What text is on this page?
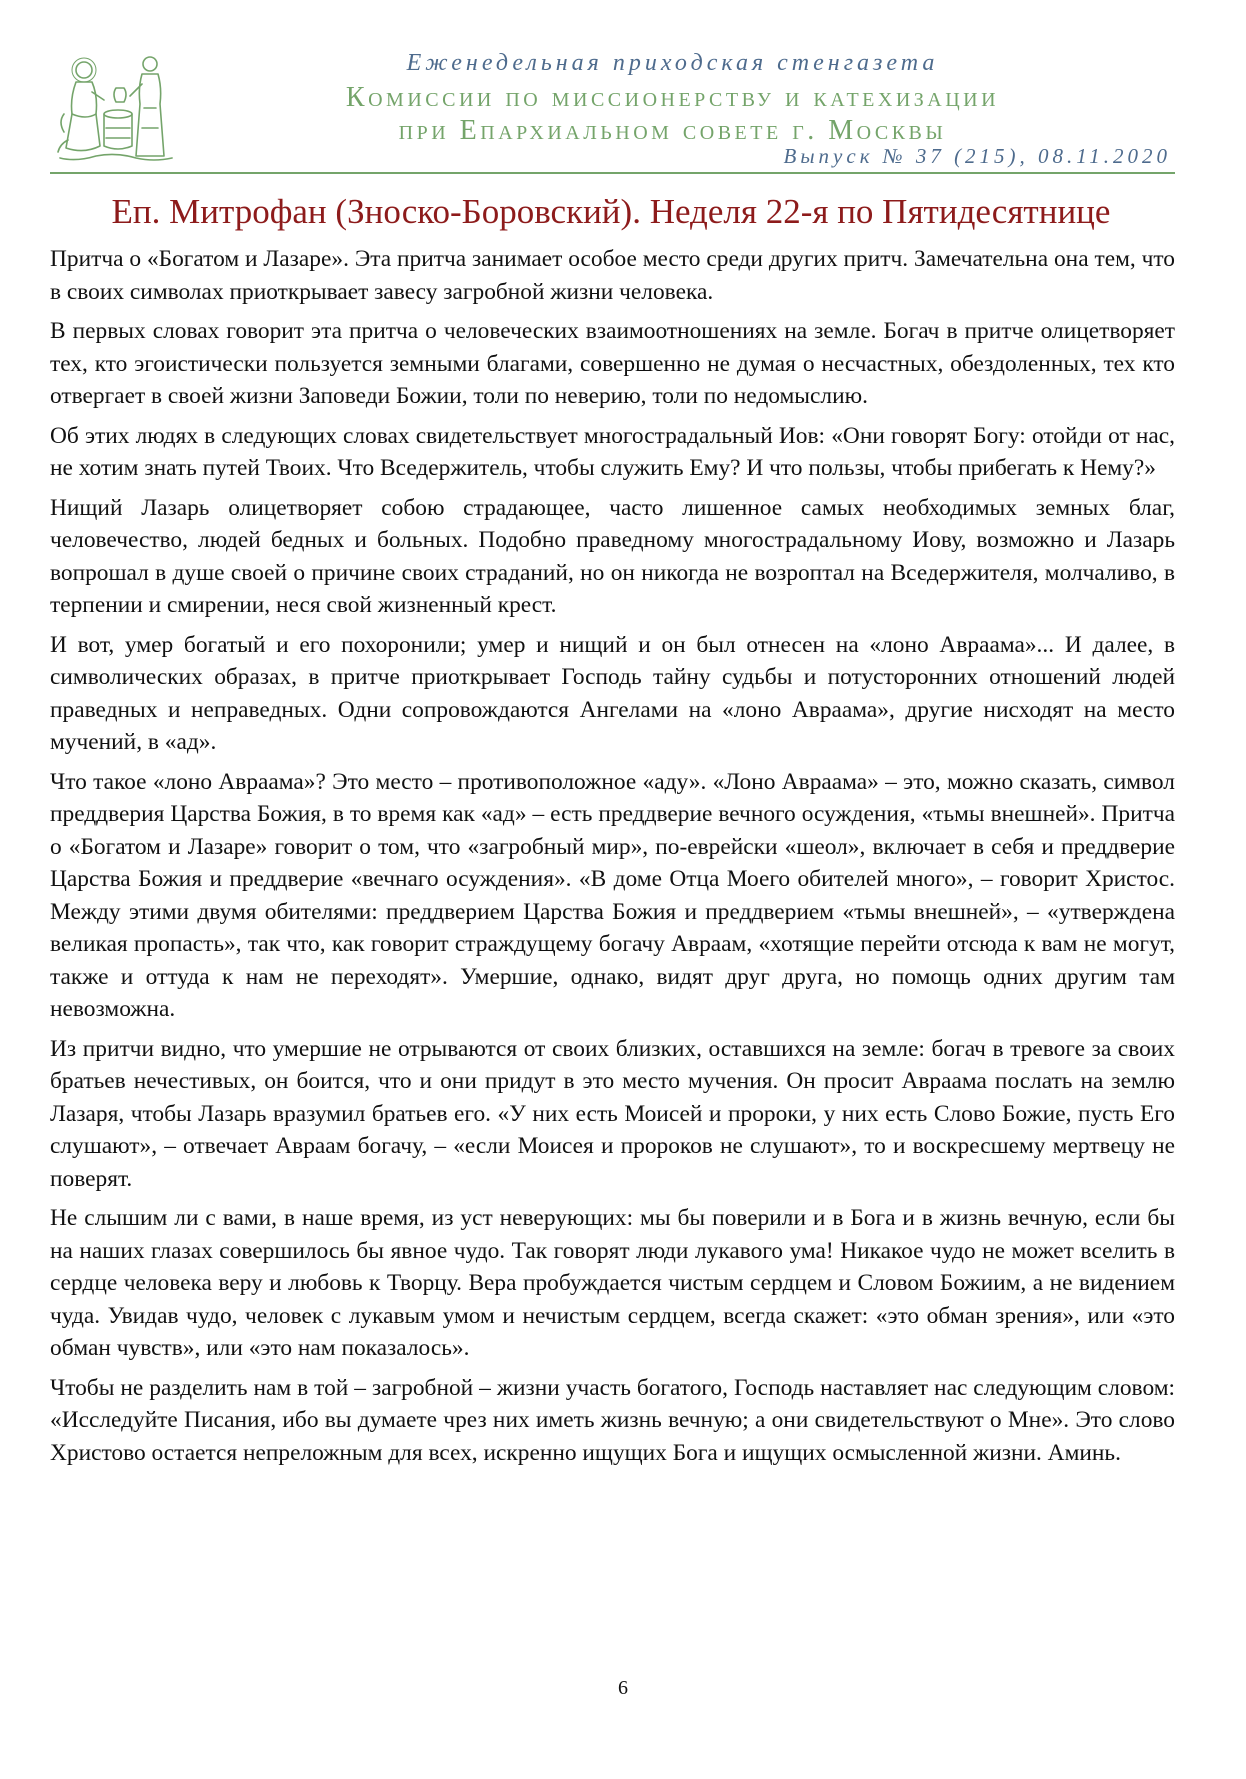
Еженедельная приходская стенгазета
Комиссии по миссионерству и катехизации
при Епархиальном совете г. Москвы
Выпуск № 37 (215), 08.11.2020
Еп. Митрофан (Зноско-Боровский). Неделя 22-я по Пятидесятнице

Притча о «Богатом и Лазаре». Эта притча занимает особое место среди других притч. Замечательна она тем, что в своих символах приоткрывает завесу загробной жизни человека.

В первых словах говорит эта притча о человеческих взаимоотношениях на земле. Богач в притче олицетворяет тех, кто эгоистически пользуется земными благами, совершенно не думая о несчастных, обездоленных, тех кто отвергает в своей жизни Заповеди Божии, толи по неверию, толи по недомыслию.

Об этих людях в следующих словах свидетельствует многострадальный Иов: «Они говорят Богу: отойди от нас, не хотим знать путей Твоих. Что Вседержитель, чтобы служить Ему? И что пользы, чтобы прибегать к Нему?»

Нищий Лазарь олицетворяет собою страдающее, часто лишенное самых необходимых земных благ, человечество, людей бедных и больных. Подобно праведному многострадальному Иову, возможно и Лазарь вопрошал в душе своей о причине своих страданий, но он никогда не возроптал на Вседержителя, молчаливо, в терпении и смирении, неся свой жизненный крест.

И вот, умер богатый и его похоронили; умер и нищий и он был отнесен на «лоно Авраама»... И далее, в символических образах, в притче приоткрывает Господь тайну судьбы и потусторонних отношений людей праведных и неправедных. Одни сопровождаются Ангелами на «лоно Авраама», другие нисходят на место мучений, в «ад».

Что такое «лоно Авраама»? Это место – противоположное «аду». «Лоно Авраама» – это, можно сказать, символ преддверия Царства Божия, в то время как «ад» – есть преддверие вечного осуждения, «тьмы внешней». Притча о «Богатом и Лазаре» говорит о том, что «загробный мир», по-еврейски «шеол», включает в себя и преддверие Царства Божия и преддверие «вечнаго осуждения». «В доме Отца Моего обителей много», – говорит Христос. Между этими двумя обителями: преддверием Царства Божия и преддверием «тьмы внешней», – «утверждена великая пропасть», так что, как говорит страждущему богачу Авраам, «хотящие перейти отсюда к вам не могут, также и оттуда к нам не переходят». Умершие, однако, видят друг друга, но помощь одних другим там невозможна.

Из притчи видно, что умершие не отрываются от своих близких, оставшихся на земле: богач в тревоге за своих братьев нечестивых, он боится, что и они придут в это место мучения. Он просит Авраама послать на землю Лазаря, чтобы Лазарь вразумил братьев его. «У них есть Моисей и пророки, у них есть Слово Божие, пусть Его слушают», – отвечает Авраам богачу, – «если Моисея и пророков не слушают», то и воскресшему мертвецу не поверят.

Не слышим ли с вами, в наше время, из уст неверующих: мы бы поверили и в Бога и в жизнь вечную, если бы на наших глазах совершилось бы явное чудо. Так говорят люди лукавого ума! Никакое чудо не может вселить в сердце человека веру и любовь к Творцу. Вера пробуждается чистым сердцем и Словом Божиим, а не видением чуда. Увидав чудо, человек с лукавым умом и нечистым сердцем, всегда скажет: «это обман зрения», или «это обман чувств», или «это нам показалось».

Чтобы не разделить нам в той – загробной – жизни участь богатого, Господь наставляет нас следующим словом: «Исследуйте Писания, ибо вы думаете чрез них иметь жизнь вечную; а они свидетельствуют о Мне». Это слово Христово остается непреложным для всех, искренно ищущих Бога и ищущих осмысленной жизни. Аминь.

6
